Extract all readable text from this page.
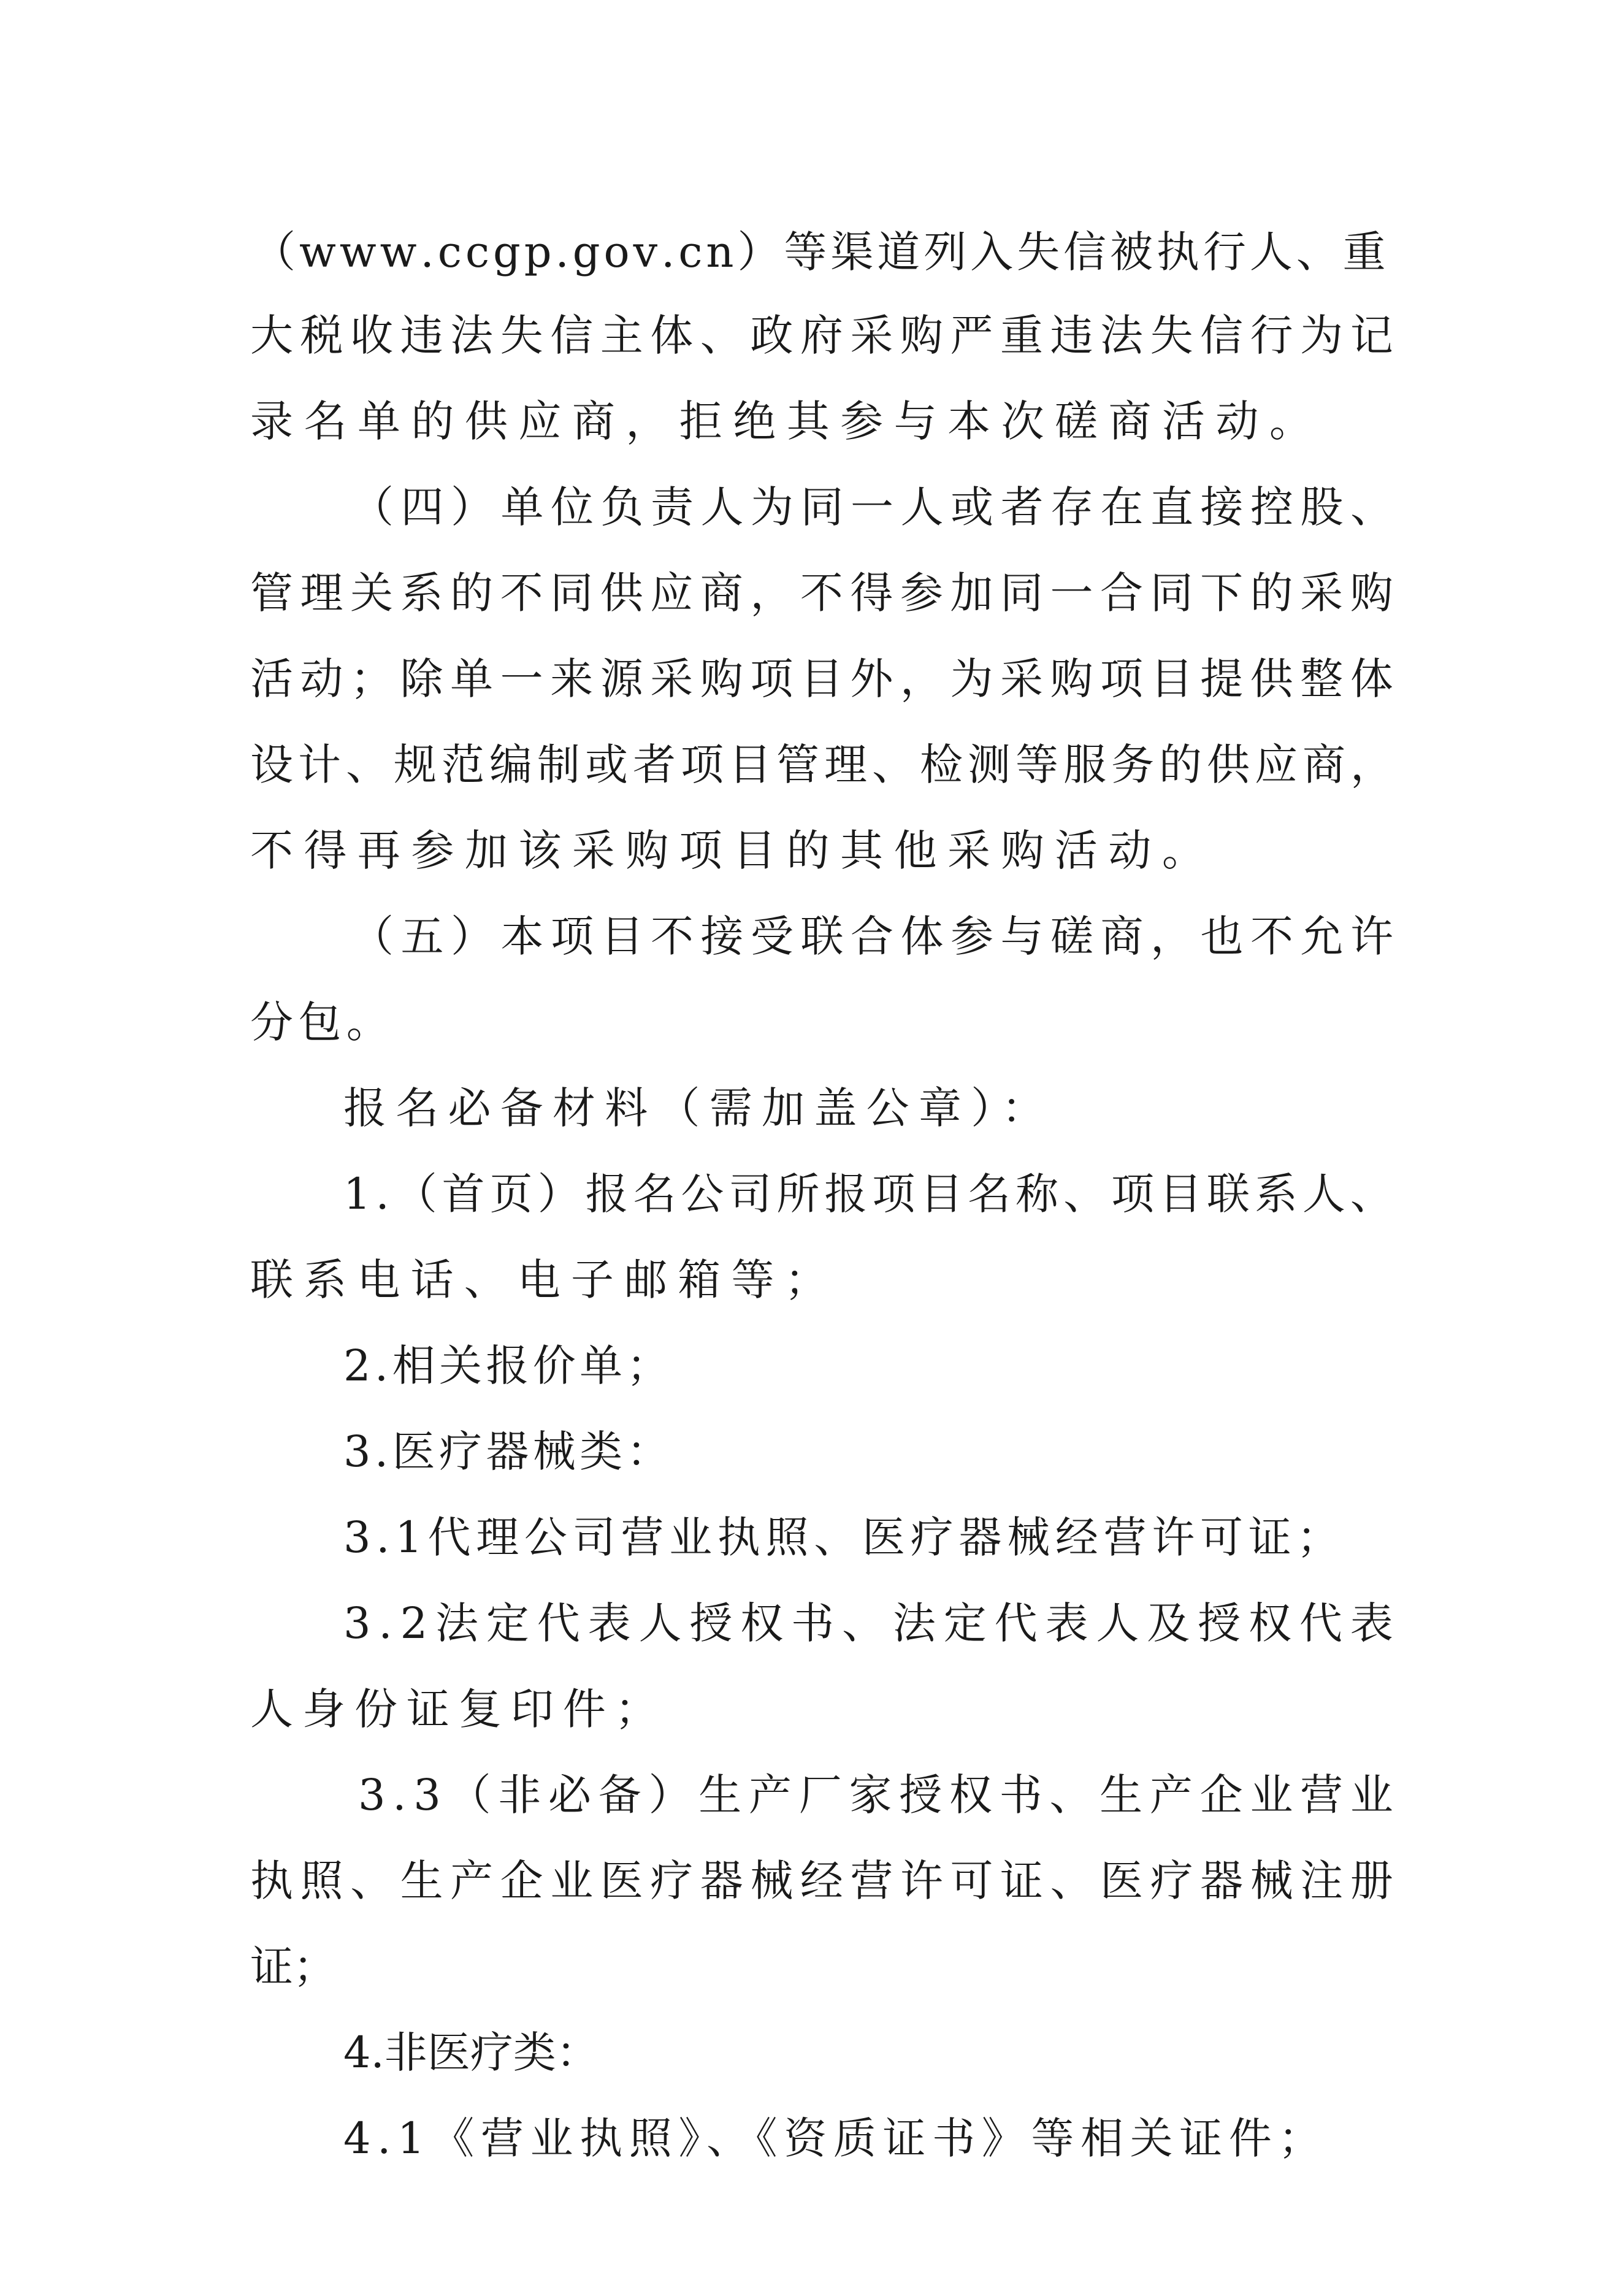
（ w w w . c c g p . g o v . c n ） 等 渠 道 列 入 失 信 被 执 行 人 、 重
大 税 收 违 法 失 信 主 体 、 政 府 采 购 严 重 违 法 失 信 行 为 记
录名单的供应商，拒绝其参与本次磋商活动。
（ 四 ） 单 位 负 责 人 为 同 一 人 或 者 存 在 直 接 控 股 、
管 理 关 系 的 不 同 供 应 商 ， 不 得 参 加 同 一 合 同 下 的 采 购
活 动 ； 除 单 一 来 源 采 购 项 目 外 ， 为 采 购 项 目 提 供 整 体
设 计 、 规 范 编 制 或 者 项 目 管 理 、 检 测 等 服 务 的 供 应 商 ，
不得再参加该采购项目的其他采购活动。
（ 五 ） 本 项 目 不 接 受 联 合 体 参 与 磋 商 ， 也 不 允 许
分包。
报名必备材料（需加盖公章）：
1 . （ 首 页 ） 报 名 公 司 所 报 项 目 名 称 、 项 目 联 系 人 、
联系电话、电子邮箱等；
2.相关报价单；
3.医疗器械类：
3.1代理公司营业执照、医疗器械经营许可证；
3 . 2 法 定 代 表 人 授 权 书 、 法 定 代 表 人 及 授 权 代 表
人身份证复印件；
3 . 3 （ 非 必 备 ） 生 产 厂 家 授 权 书 、 生 产 企 业 营 业
执 照 、 生 产 企 业 医 疗 器 械 经 营 许 可 证 、 医 疗 器 械 注 册
证；
4.非医疗类：
4.1《营业执照》、《资质证书》等相关证件；
